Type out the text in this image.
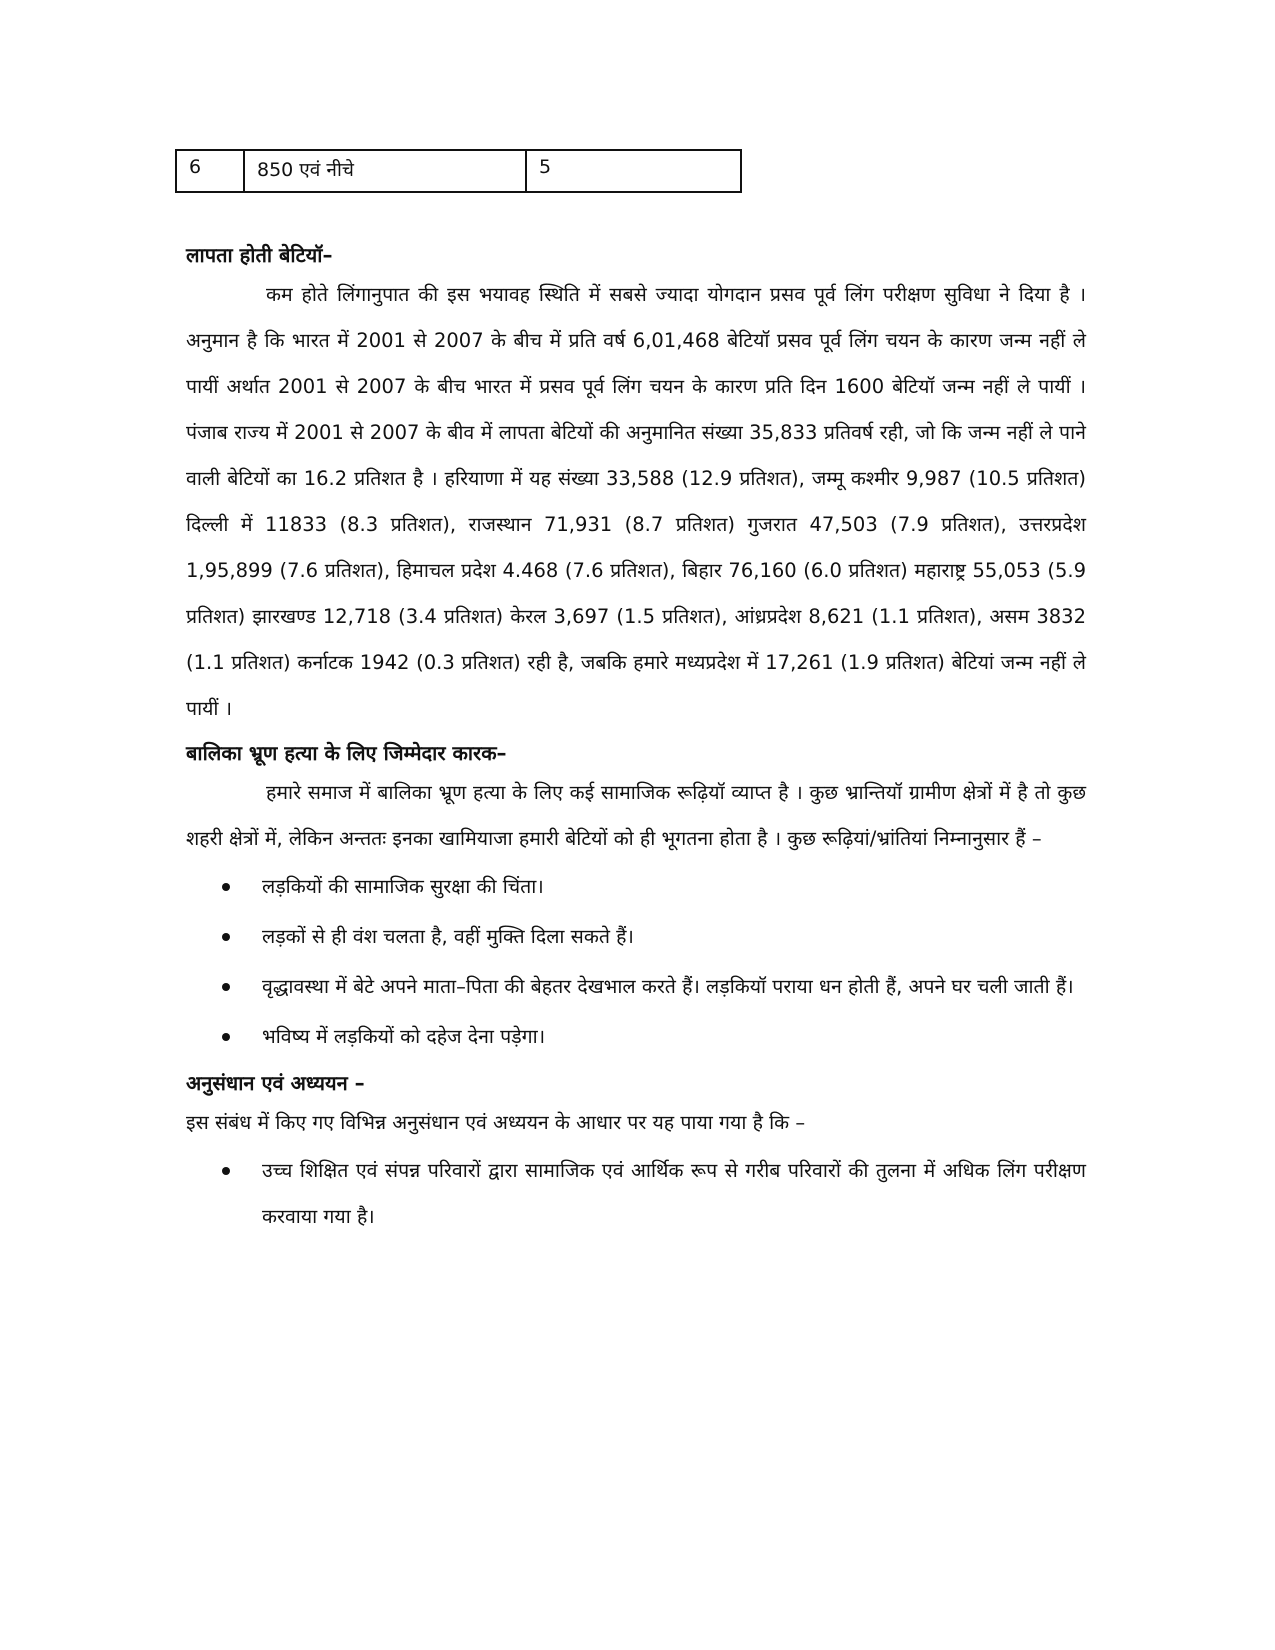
6	850 एवं नीचे	5
लापता होती बेटियॉ–

कम होते लिंगानुपात की इस भयावह स्थिति में सबसे ज्यादा योगदान प्रसव पूर्व लिंग परीक्षण सुविधा ने दिया है । अनुमान है कि भारत में 2001 से 2007 के बीच में प्रति वर्ष 6,01,468 बेटियॉ प्रसव पूर्व लिंग चयन के कारण जन्म नहीं ले पायीं अर्थात 2001 से 2007 के बीच भारत में प्रसव पूर्व लिंग चयन के कारण प्रति दिन 1600 बेटियॉ जन्म नहीं ले पायीं । पंजाब राज्य में 2001 से 2007 के बीव में लापता बेटियों की अनुमानित संख्या 35,833 प्रतिवर्ष रही, जो कि जन्म नहीं ले पाने वाली बेटियों का 16.2 प्रतिशत है । हरियाणा में यह संख्या 33,588 (12.9 प्रतिशत), जम्मू कश्मीर 9,987 (10.5 प्रतिशत) दिल्ली में 11833 (8.3 प्रतिशत), राजस्थान 71,931 (8.7 प्रतिशत) गुजरात 47,503 (7.9 प्रतिशत), उत्तरप्रदेश 1,95,899 (7.6 प्रतिशत), हिमाचल प्रदेश 4.468 (7.6 प्रतिशत), बिहार 76,160 (6.0 प्रतिशत) महाराष्ट्र 55,053 (5.9 प्रतिशत) झारखण्ड 12,718 (3.4 प्रतिशत) केरल 3,697 (1.5 प्रतिशत), आंध्रप्रदेश 8,621 (1.1 प्रतिशत), असम 3832 (1.1 प्रतिशत) कर्नाटक 1942 (0.3 प्रतिशत) रही है, जबकि हमारे मध्यप्रदेश में 17,261 (1.9 प्रतिशत) बेटियां जन्म नहीं ले पायीं ।

बालिका भ्रूण हत्या के लिए जिम्मेदार कारक–

हमारे समाज में बालिका भ्रूण हत्या के लिए कई सामाजिक रूढ़ियॉ व्याप्त है । कुछ भ्रान्तियॉ ग्रामीण क्षेत्रों में है तो कुछ शहरी क्षेत्रों में, लेकिन अन्ततः इनका खामियाजा हमारी बेटियों को ही भूगतना होता है । कुछ रूढ़ियां/भ्रांतियां निम्नानुसार हैं –

लड़कियों की सामाजिक सुरक्षा की चिंता।
लड़कों से ही वंश चलता है, वहीं मुक्ति दिला सकते हैं।
वृद्धावस्था में बेटे अपने माता–पिता की बेहतर देखभाल करते हैं। लड़कियॉ पराया धन होती हैं, अपने घर चली जाती हैं।
भविष्य में लड़कियों को दहेज देना पड़ेगा।
अनुसंधान एवं अध्ययन –

इस संबंध में किए गए विभिन्न अनुसंधान एवं अध्ययन के आधार पर यह पाया गया है कि –

उच्च शिक्षित एवं संपन्न परिवारों द्वारा सामाजिक एवं आर्थिक रूप से गरीब परिवारों की तुलना में अधिक लिंग परीक्षण करवाया गया है।
